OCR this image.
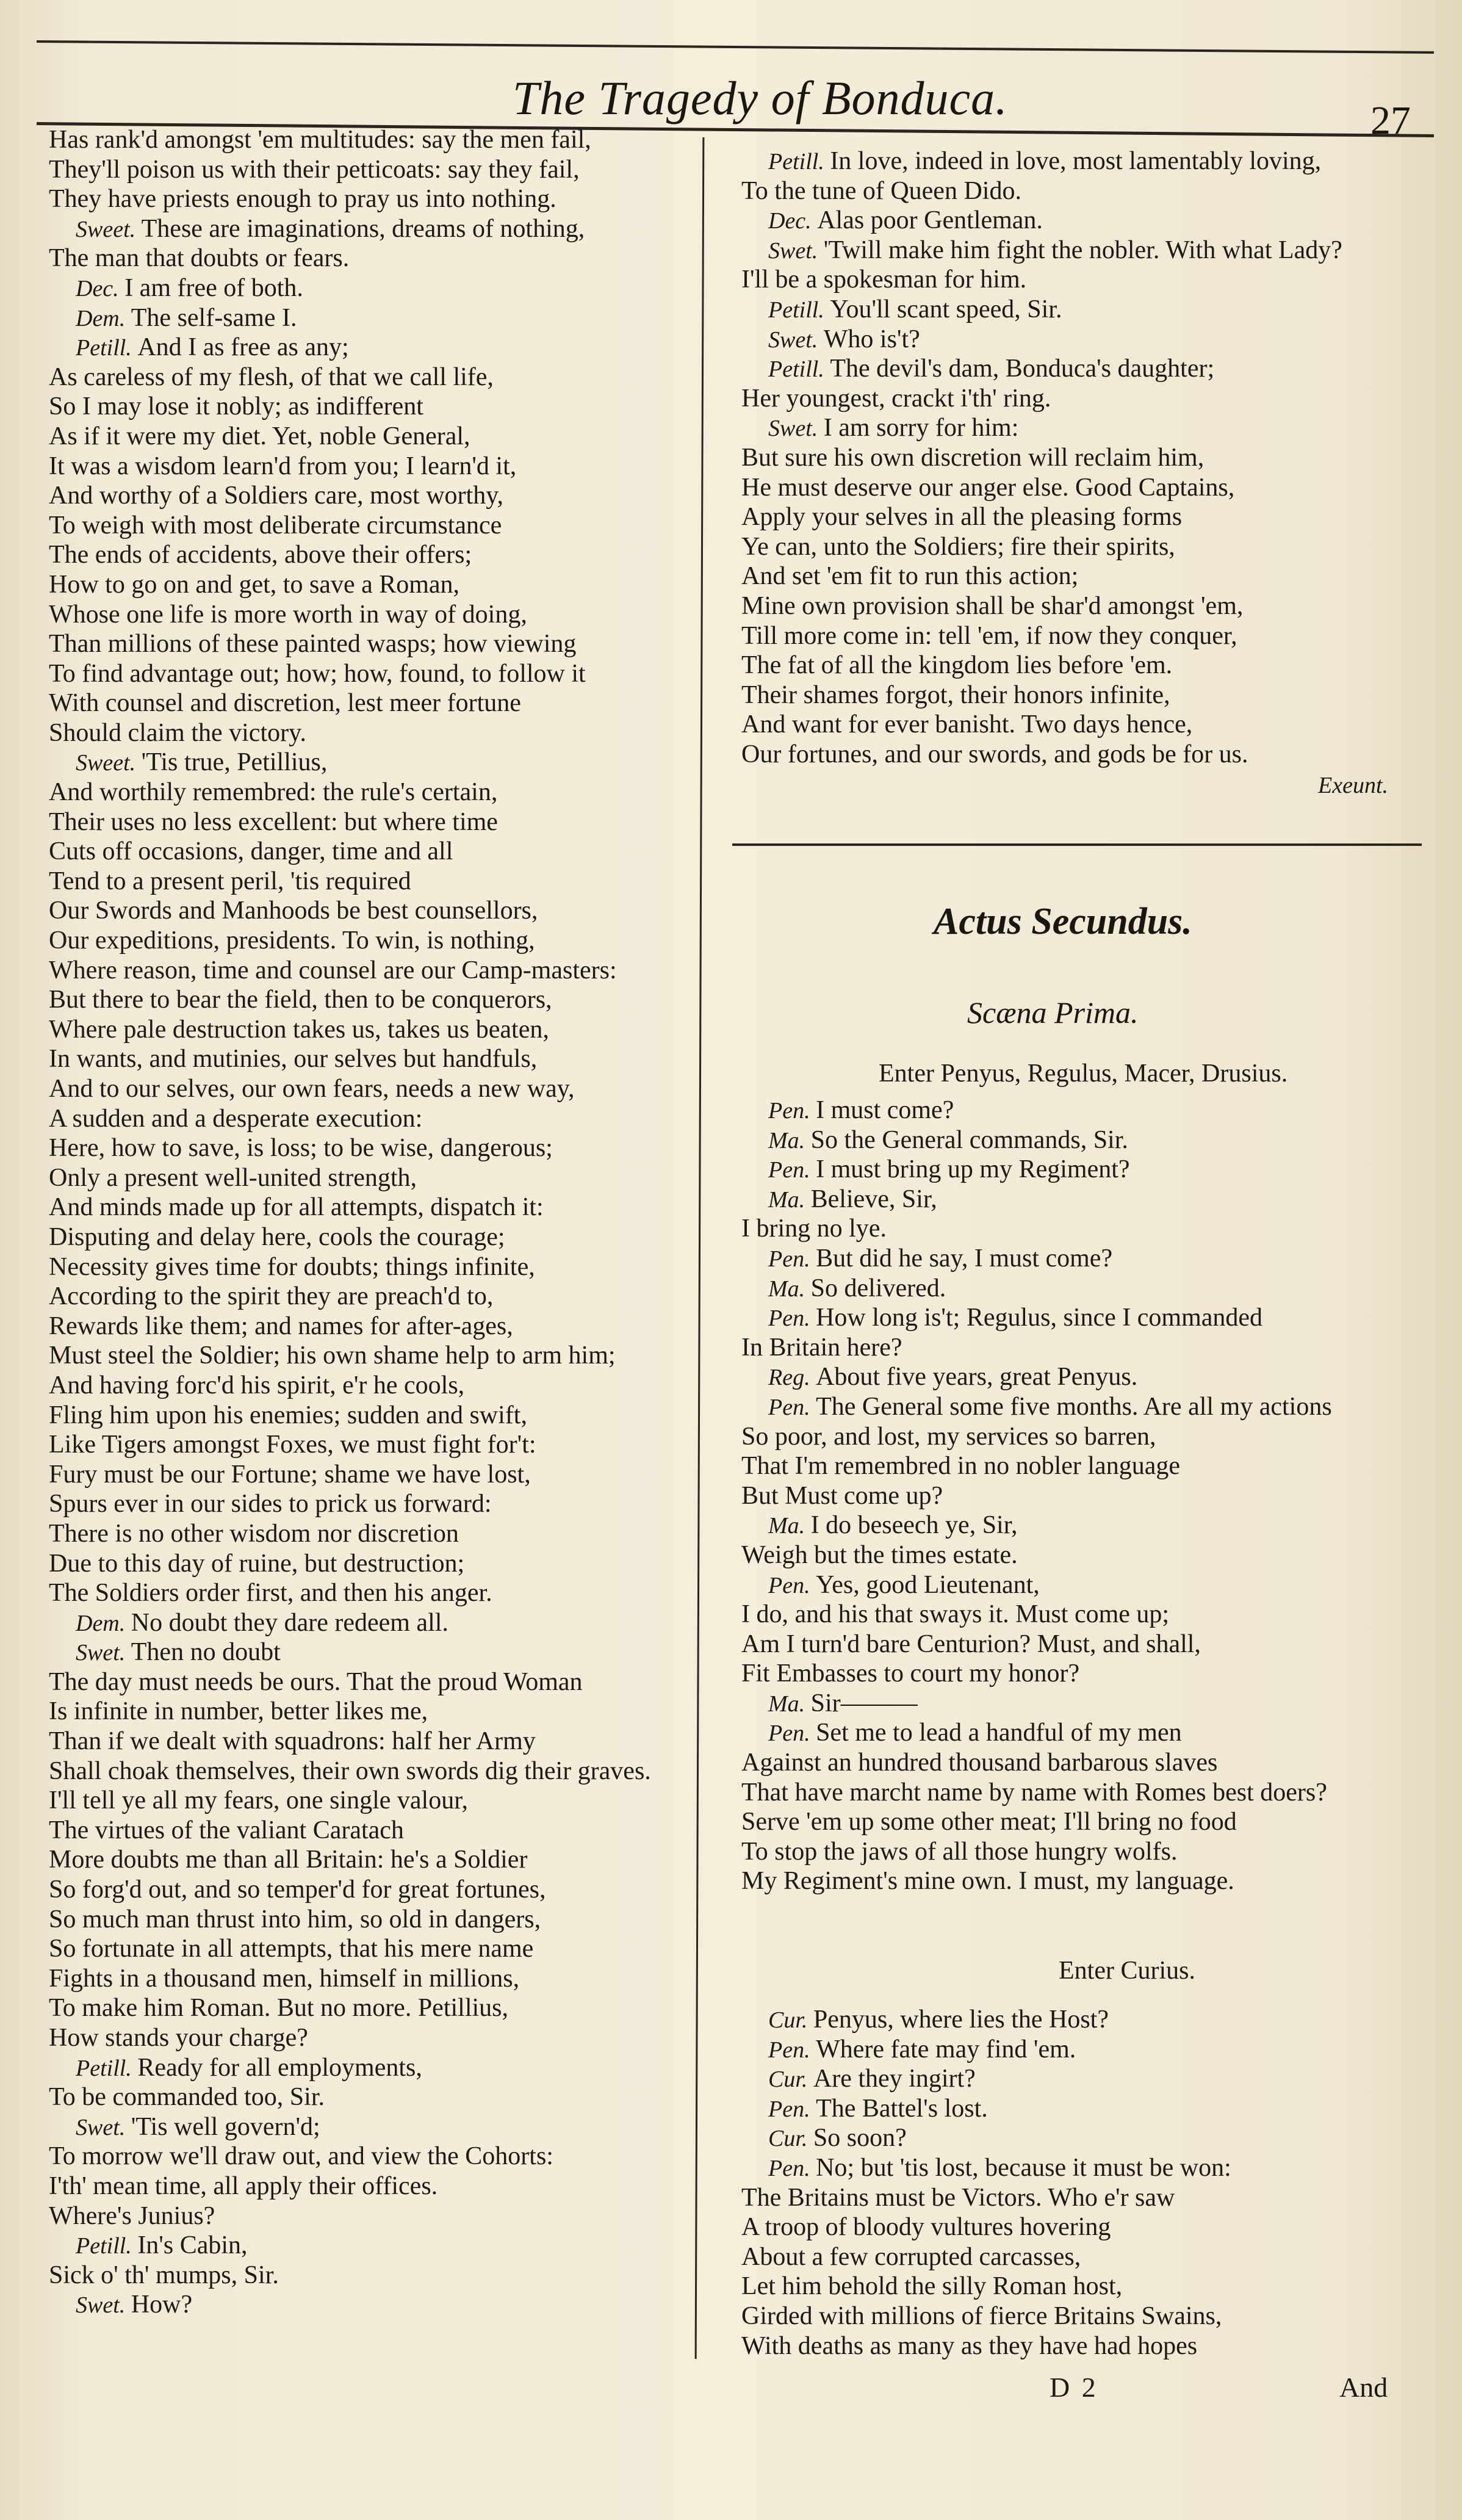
The Tragedy of Bonduca.	27
Has rank'd amongst 'em multitudes: say the men fail,
They'll poison us with their petticoats: say they fail,
They have priests enough to pray us into nothing.
Sweet. These are imaginations, dreams of nothing,
The man that doubts or fears.
Dec. I am free of both.
Dem. The self-same I.
Petill. And I as free as any;
As careless of my flesh, of that we call life,
So I may lose it nobly; as indifferent
As if it were my diet. Yet, noble General,
It was a wisdom learn'd from you; I learn'd it,
And worthy of a Soldiers care, most worthy,
To weigh with most deliberate circumstance
The ends of accidents, above their offers;
How to go on and get, to save a Roman,
Whose one life is more worth in way of doing,
Than millions of these painted wasps; how viewing
To find advantage out; how; how, found, to follow it
With counsel and discretion, lest meer fortune
Should claim the victory.
Sweet. 'Tis true, Petillius,
And worthily remembred: the rule's certain,
Their uses no less excellent: but where time
Cuts off occasions, danger, time and all
Tend to a present peril, 'tis required
Our Swords and Manhoods be best counsellors,
Our expeditions, presidents. To win, is nothing,
Where reason, time and counsel are our Camp-masters:
But there to bear the field, then to be conquerors,
Where pale destruction takes us, takes us beaten,
In wants, and mutinies, our selves but handfuls,
And to our selves, our own fears, needs a new way,
A sudden and a desperate execution:
Here, how to save, is loss; to be wise, dangerous;
Only a present well-united strength,
And minds made up for all attempts, dispatch it:
Disputing and delay here, cools the courage;
Necessity gives time for doubts; things infinite,
According to the spirit they are preach'd to,
Rewards like them; and names for after-ages,
Must steel the Soldier; his own shame help to arm him;
And having forc'd his spirit, e'r he cools,
Fling him upon his enemies; sudden and swift,
Like Tigers amongst Foxes, we must fight for't:
Fury must be our Fortune; shame we have lost,
Spurs ever in our sides to prick us forward:
There is no other wisdom nor discretion
Due to this day of ruine, but destruction;
The Soldiers order first, and then his anger.
Dem. No doubt they dare redeem all.
Swet. Then no doubt
The day must needs be ours. That the proud Woman
Is infinite in number, better likes me,
Than if we dealt with squadrons: half her Army
Shall choak themselves, their own swords dig their graves.
I'll tell ye all my fears, one single valour,
The virtues of the valiant Caratach
More doubts me than all Britain: he's a Soldier
So forg'd out, and so temper'd for great fortunes,
So much man thrust into him, so old in dangers,
So fortunate in all attempts, that his mere name
Fights in a thousand men, himself in millions,
To make him Roman. But no more. Petillius,
How stands your charge?
Petill. Ready for all employments,
To be commanded too, Sir.
Swet. 'Tis well govern'd;
To morrow we'll draw out, and view the Cohorts:
I'th' mean time, all apply their offices.
Where's Junius?
Petill. In's Cabin,
Sick o' th' mumps, Sir.
Swet. How?
Petill. In love, indeed in love, most lamentably loving,
To the tune of Queen Dido.
Dec. Alas poor Gentleman.
Swet. 'Twill make him fight the nobler. With what Lady?
I'll be a spokesman for him.
Petill. You'll scant speed, Sir.
Swet. Who is't?
Petill. The devil's dam, Bonduca's daughter;
Her youngest, crackt i'th' ring.
Swet. I am sorry for him:
But sure his own discretion will reclaim him,
He must deserve our anger else. Good Captains,
Apply your selves in all the pleasing forms
Ye can, unto the Soldiers; fire their spirits,
And set 'em fit to run this action;
Mine own provision shall be shar'd amongst 'em,
Till more come in: tell 'em, if now they conquer,
The fat of all the kingdom lies before 'em.
Their shames forgot, their honors infinite,
And want for ever banisht. Two days hence,
Our fortunes, and our swords, and gods be for us.
Exeunt.
Actus Secundus.
Scæna Prima.
Enter Penyus, Regulus, Macer, Drusius.
Pen. I must come?
Ma. So the General commands, Sir.
Pen. I must bring up my Regiment?
Ma. Believe, Sir,
I bring no lye.
Pen. But did he say, I must come?
Ma. So delivered.
Pen. How long is't; Regulus, since I commanded
In Britain here?
Reg. About five years, great Penyus.
Pen. The General some five months. Are all my actions
So poor, and lost, my services so barren,
That I'm remembred in no nobler language
But Must come up?
Ma. I do beseech ye, Sir,
Weigh but the times estate.
Pen. Yes, good Lieutenant,
I do, and his that sways it. Must come up;
Am I turn'd bare Centurion? Must, and shall,
Fit Embasses to court my honor?
Ma. Sir———
Pen. Set me to lead a handful of my men
Against an hundred thousand barbarous slaves
That have marcht name by name with Romes best doers?
Serve 'em up some other meat; I'll bring no food
To stop the jaws of all those hungry wolfs.
My Regiment's mine own. I must, my language.
Enter Curius.
Cur. Penyus, where lies the Host?
Pen. Where fate may find 'em.
Cur. Are they ingirt?
Pen. The Battel's lost.
Cur. So soon?
Pen. No; but 'tis lost, because it must be won:
The Britains must be Victors. Who e'r saw
A troop of bloody vultures hovering
About a few corrupted carcasses,
Let him behold the silly Roman host,
Girded with millions of fierce Britains Swains,
With deaths as many as they have had hopes
D 2	And
